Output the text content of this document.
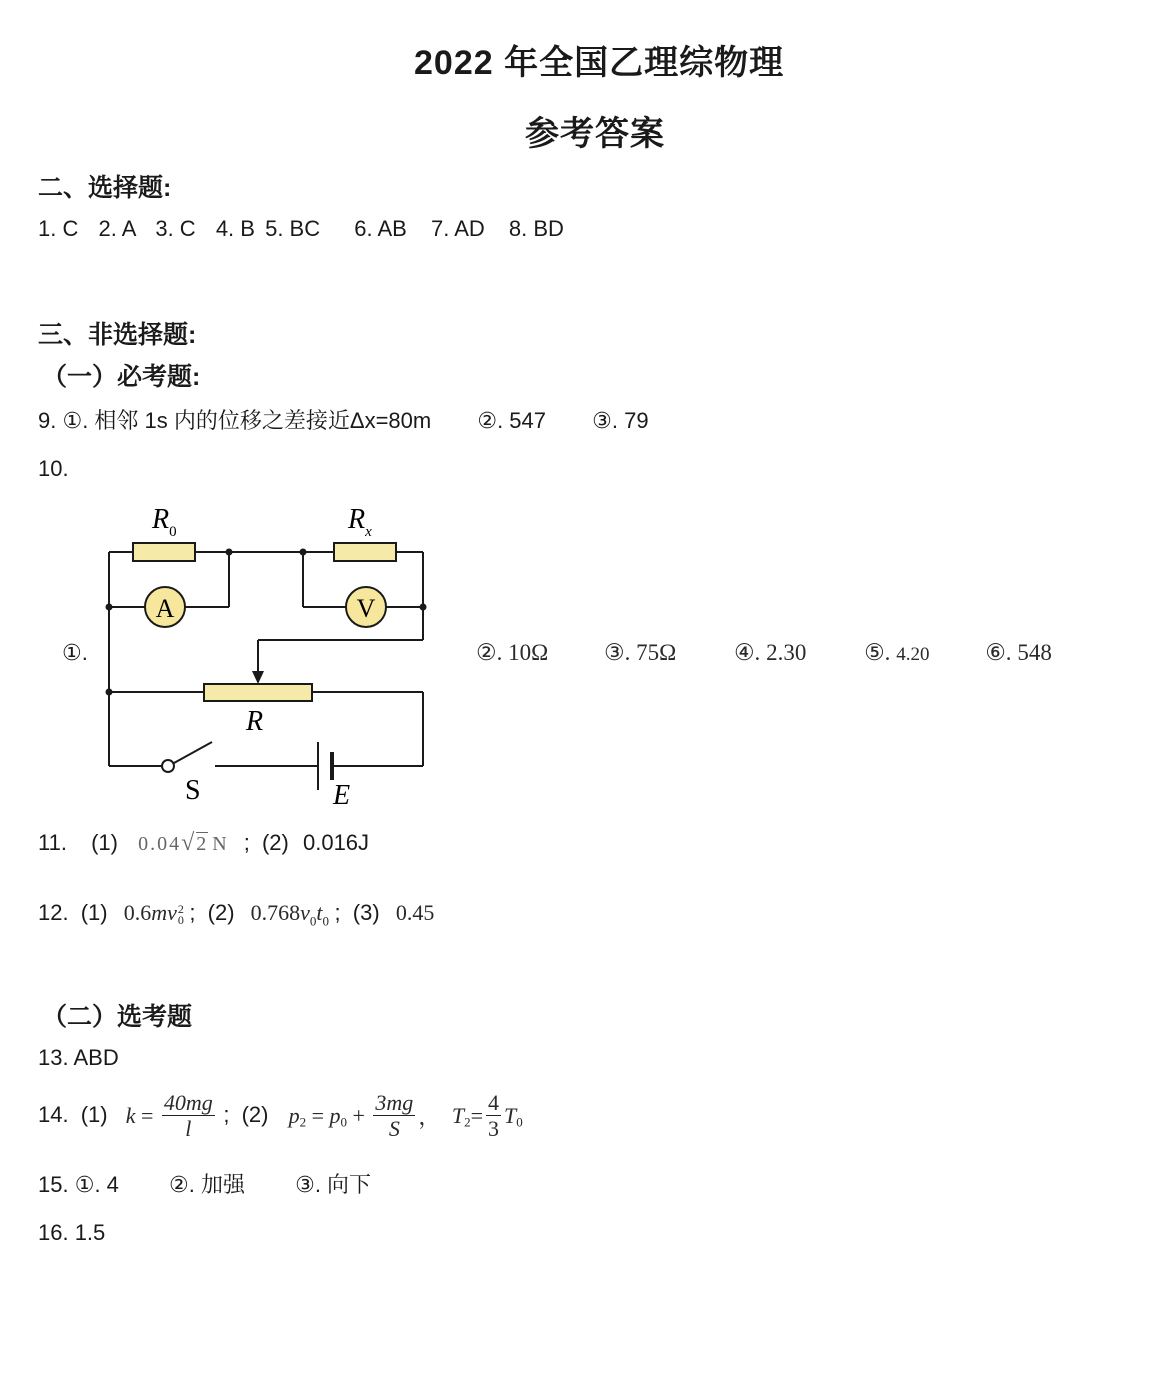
2022 年全国乙理综物理
参考答案
二、选择题:
1. C 2. A 3. C 4. B 5. BC 6. AB 7. AD 8. BD
三、非选择题:
（一）必考题:
9. ①. 相邻 1s 内的位移之差接近Δx=80m ②. 547 ③. 79
10.
①.
A	V
$R_0$	$R_x$
R
S	E
②. 10Ω ③. 75Ω	④. 2.30	⑤. 4.20 ⑥. 548
11. (1) 0.04√2 N ; (2) 0.016J
12. (1) 0.6mv 2
0 ; (2) $0.768v_0t_0$ ; (3) 0.45
（二）选考题
13. ABD
14. (1) $k = \frac{40mg}{l}$ ; (2) $p_2 = p_0 + \frac{3mg}{S}$ ， $T_2= \frac{4}{3} T_0$
15. ①. 4 ②. 加强 ③. 向下
16. 1.5
